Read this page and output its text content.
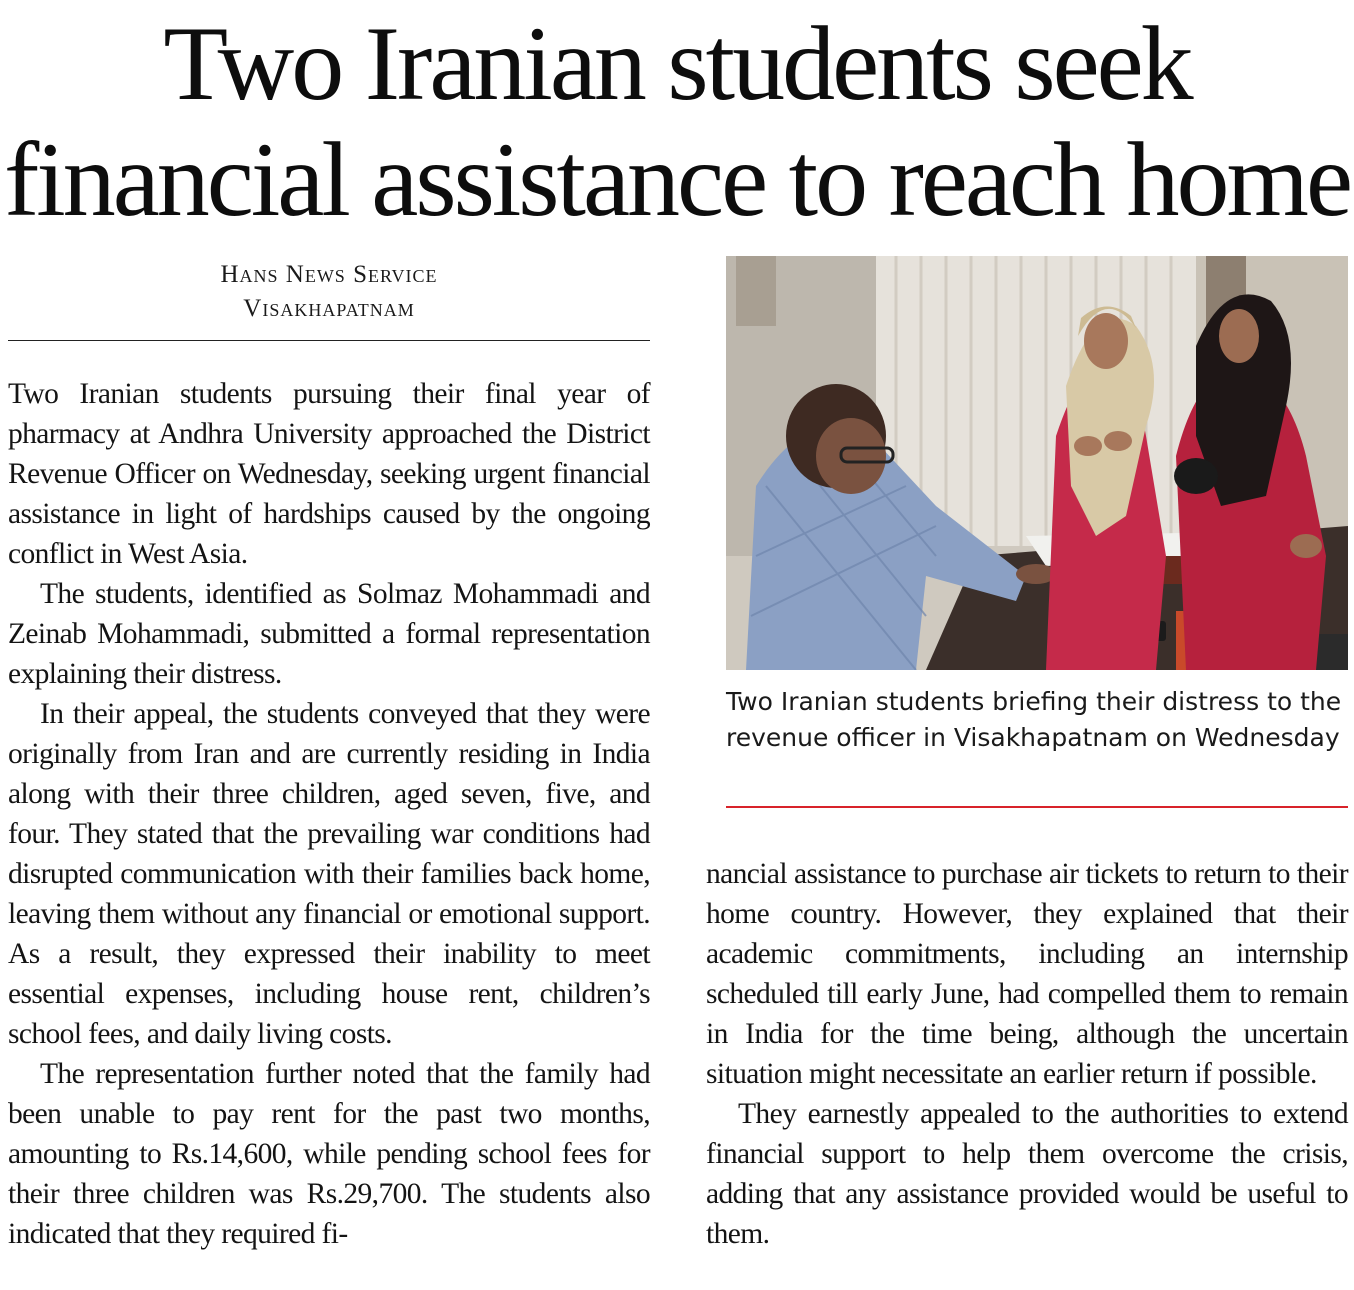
Two Iranian students seek
financial assistance to reach home
Hans News Service
Visakhapatnam

Two Iranian students pursuing their final year of pharmacy at Andhra University approached the District Revenue Officer on Wednesday, seeking urgent financial assistance in light of hardships caused by the ongoing conflict in West Asia.

The students, identified as Solmaz Mohammadi and Zeinab Mohammadi, submitted a formal representation explaining their distress.

In their appeal, the students conveyed that they were originally from Iran and are currently residing in India along with their three children, aged seven, five, and four. They stated that the prevailing war conditions had disrupted communication with their families back home, leaving them without any financial or emotional support. As a result, they expressed their inability to meet essential expenses, including house rent, children’s school fees, and daily living costs.

The representation further noted that the family had been unable to pay rent for the past two months, amounting to Rs.14,600, while pending school fees for their three children was Rs.29,700. The students also indicated that they required fi-

Two Iranian students briefing their distress to the revenue officer in Visakhapatnam on Wednesday

nancial assistance to purchase air tickets to return to their home country. However, they explained that their academic commitments, including an internship scheduled till early June, had compelled them to remain in India for the time being, although the uncertain situation might necessitate an earlier return if possible.

They earnestly appealed to the authorities to extend financial support to help them overcome the crisis, adding that any assistance provided would be useful to them.
